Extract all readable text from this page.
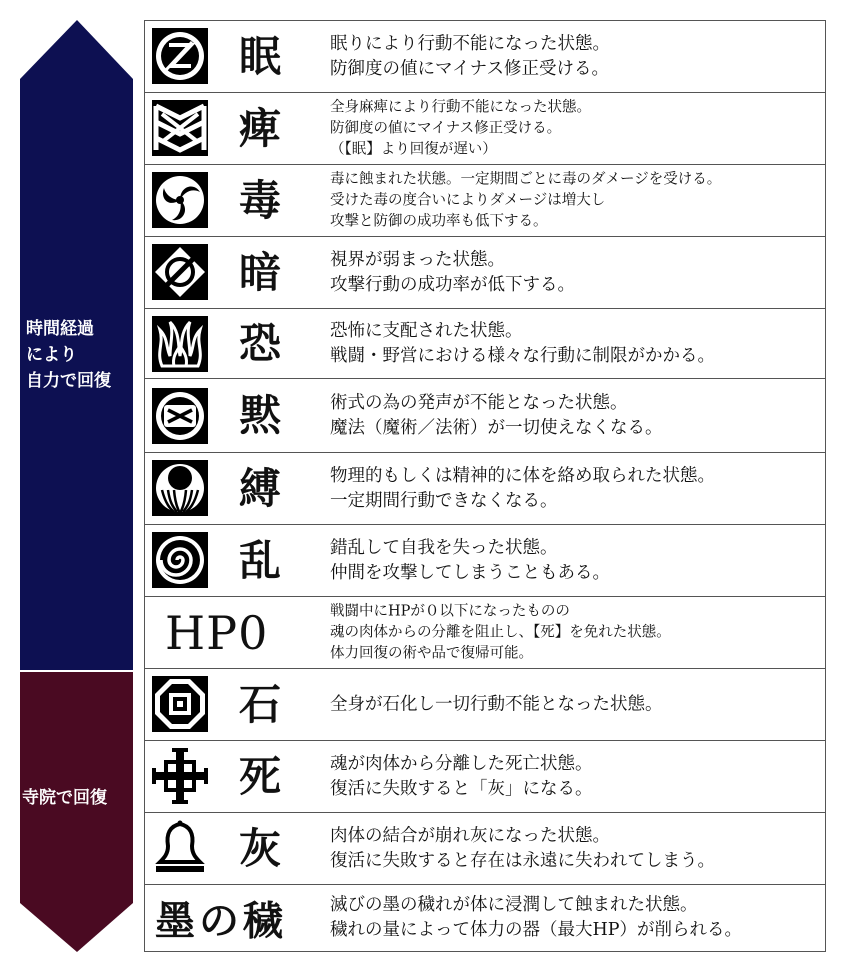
時間経過
により
自力で回復
寺院で回復
眠	眠りにより行動不能になった状態。
防御度の値にマイナス修正受ける。
痺	全身麻痺により行動不能になった状態。
防御度の値にマイナス修正受ける。
（【眠】より回復が遅い）
毒	毒に蝕まれた状態。一定期間ごとに毒のダメージを受ける。
受けた毒の度合いによりダメージは増大し
攻撃と防御の成功率も低下する。
暗	視界が弱まった状態。
攻撃行動の成功率が低下する。
恐	恐怖に支配された状態。
戦闘・野営における様々な行動に制限がかかる。
黙	術式の為の発声が不能となった状態。
魔法（魔術／法術）が一切使えなくなる。
縛	物理的もしくは精神的に体を絡め取られた状態。
一定期間行動できなくなる。
乱	錯乱して自我を失った状態。
仲間を攻撃してしまうこともある。
HP0	戦闘中にHPが０以下になったものの
魂の肉体からの分離を阻止し、【死】を免れた状態。
体力回復の術や品で復帰可能。
石	全身が石化し一切行動不能となった状態。
死	魂が肉体から分離した死亡状態。
復活に失敗すると「灰」になる。
灰	肉体の結合が崩れ灰になった状態。
復活に失敗すると存在は永遠に失われてしまう。
墨の穢 滅びの墨の穢れが体に浸潤して蝕まれた状態。
穢れの量によって体力の器（最大HP）が削られる。
